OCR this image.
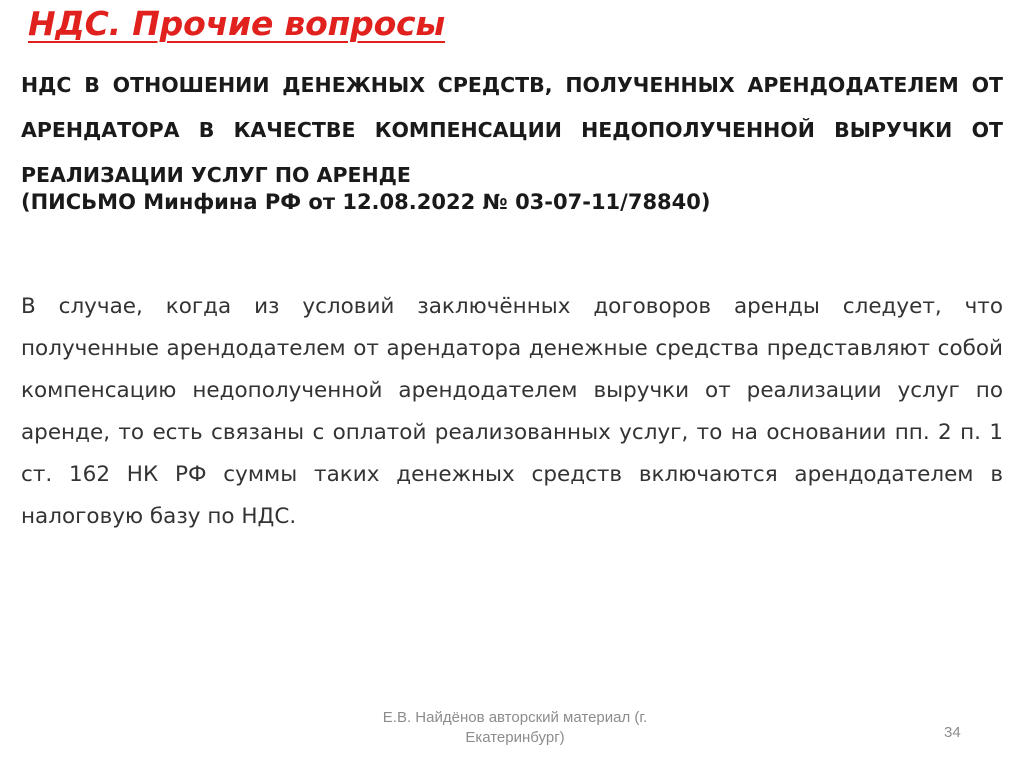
НДС. Прочие вопросы

НДС В ОТНОШЕНИИ ДЕНЕЖНЫХ СРЕДСТВ, ПОЛУЧЕННЫХ АРЕНДОДАТЕЛЕМ ОТ АРЕНДАТОРА В КАЧЕСТВЕ КОМПЕНСАЦИИ НЕДОПОЛУЧЕННОЙ ВЫРУЧКИ ОТ РЕАЛИЗАЦИИ УСЛУГ ПО АРЕНДЕ

(ПИСЬМО Минфина РФ от 12.08.2022 № 03-07-11/78840)

В случае, когда из условий заключённых договоров аренды следует, что полученные арендодателем от арендатора денежные средства представляют собой компенсацию недополученной арендодателем выручки от реализации услуг по аренде, то есть связаны с оплатой реализованных услуг, то на основании пп. 2 п. 1 ст. 162 НК РФ суммы таких денежных средств включаются арендодателем в налоговую базу по НДС.

Е.В. Найдёнов авторский материал (г. Екатеринбург)	34
